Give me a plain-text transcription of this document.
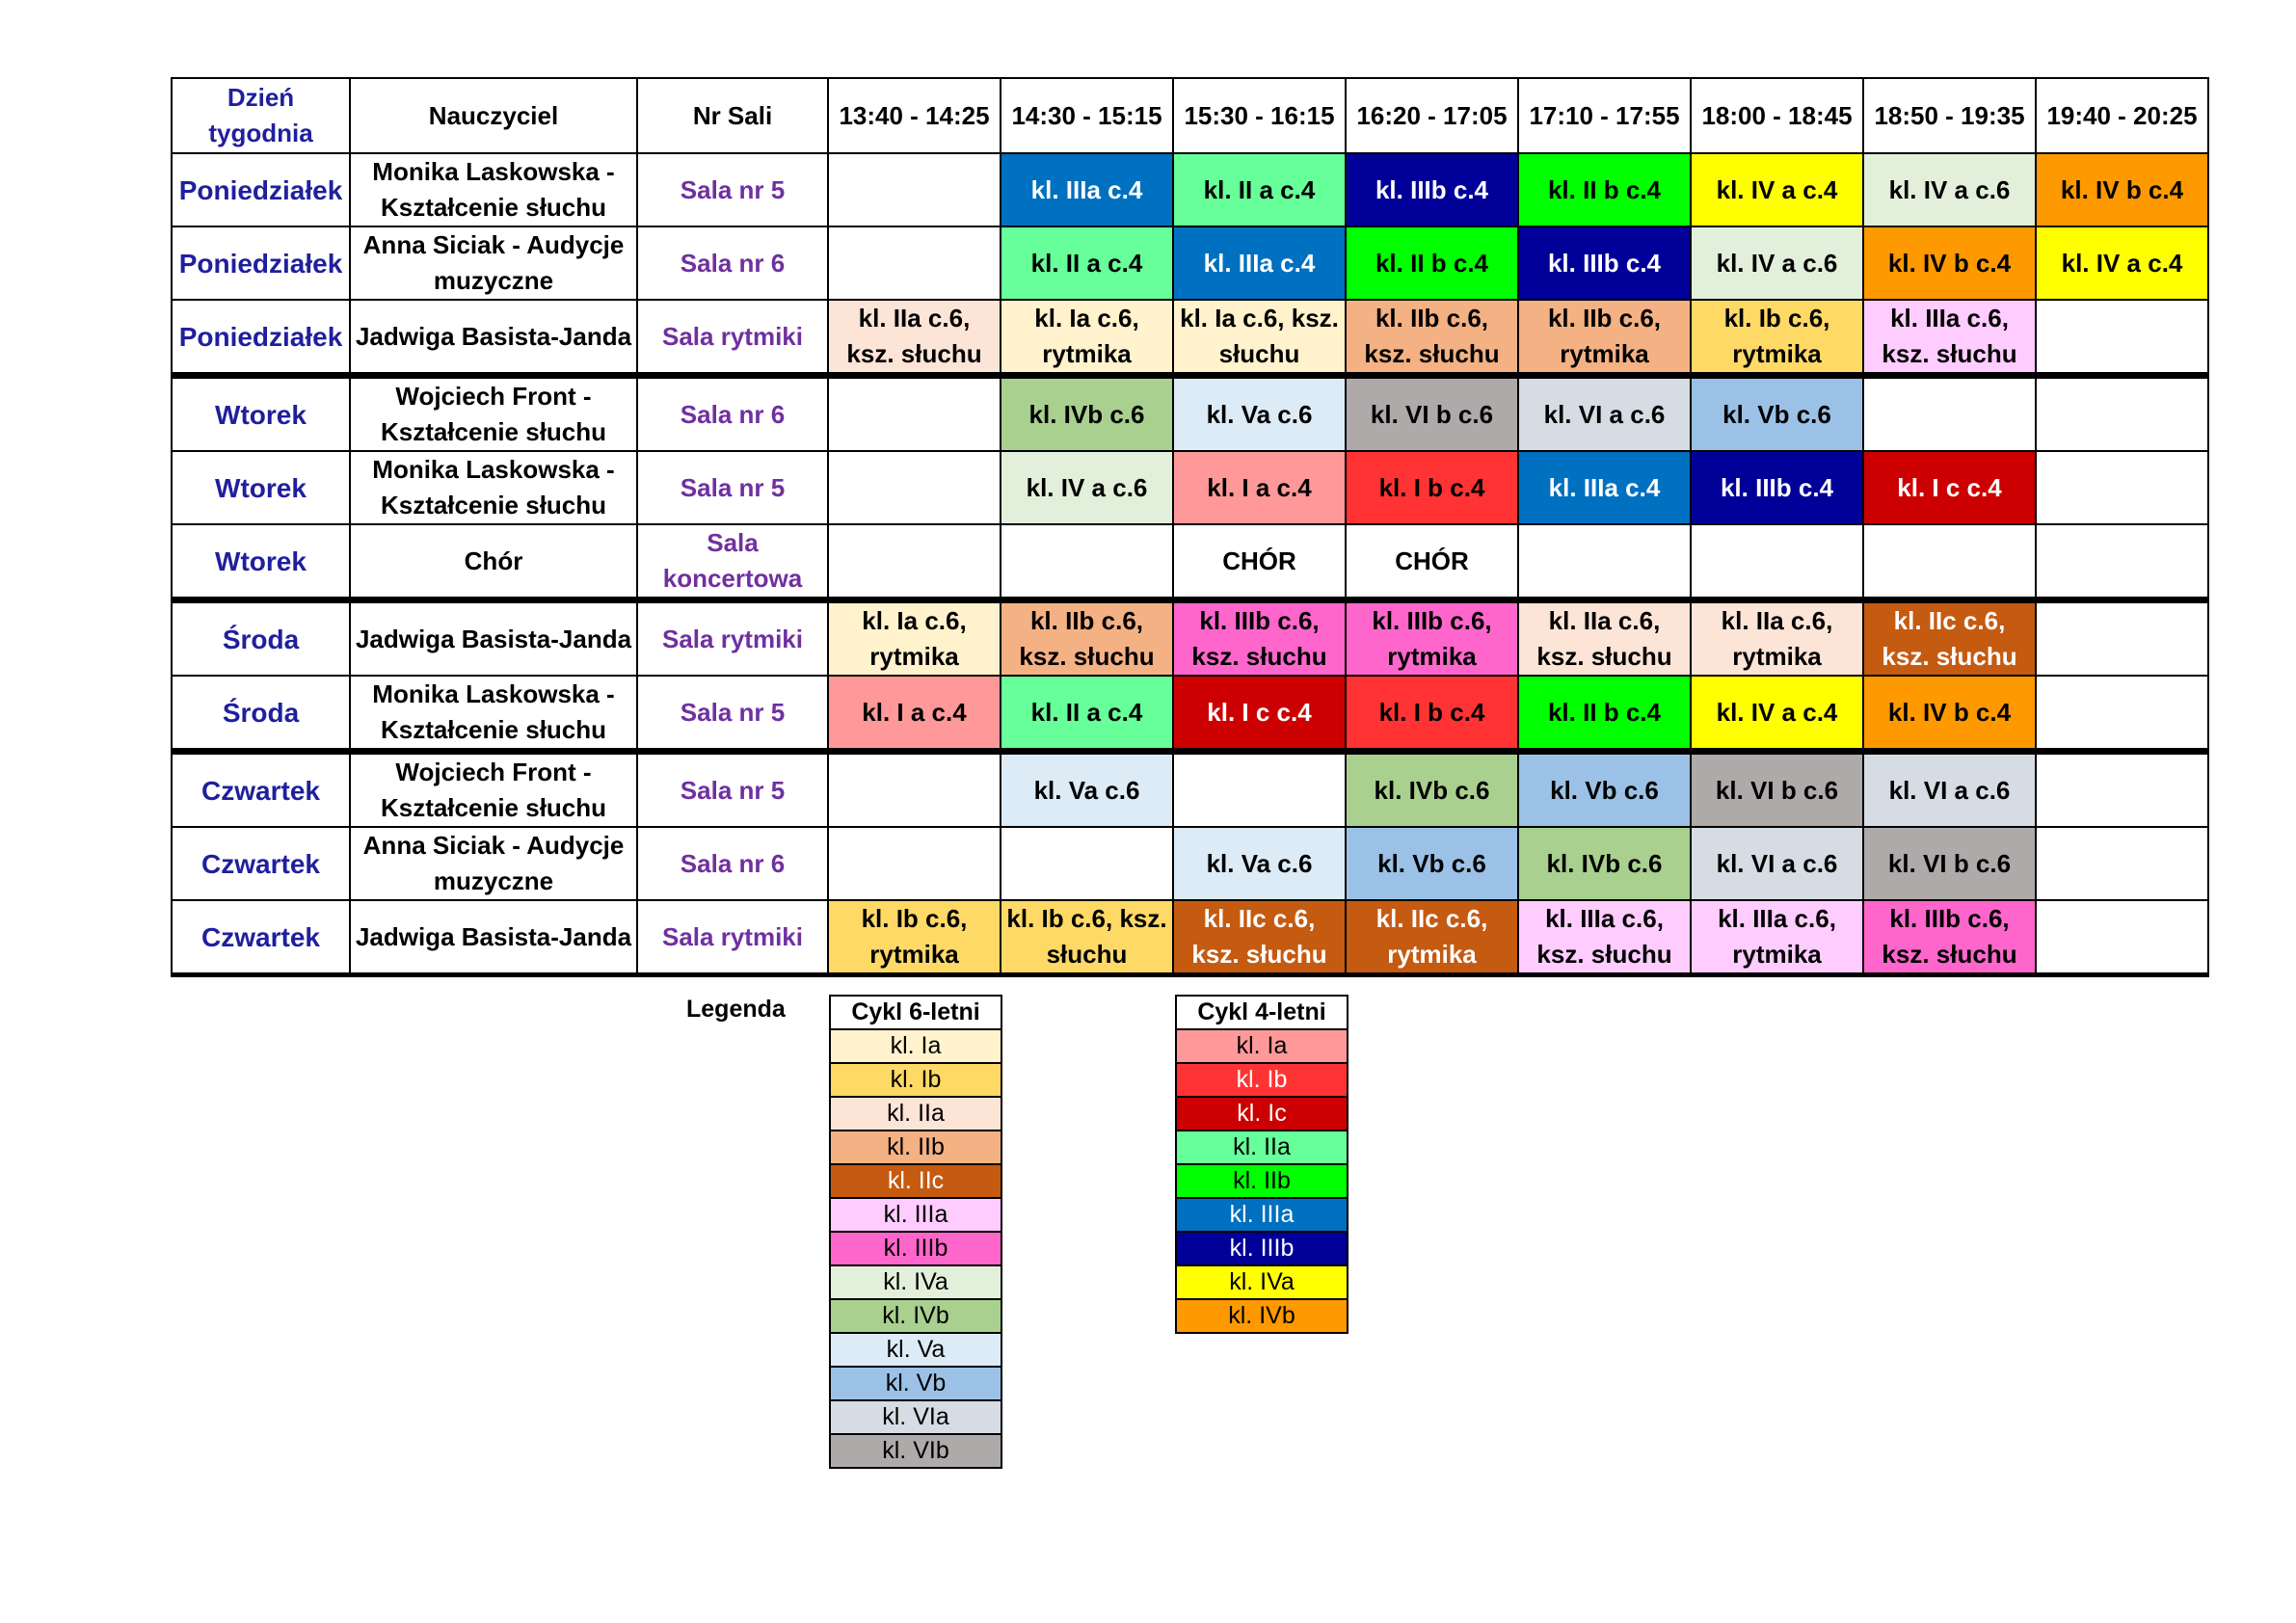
Dzień tygodnia	Nauczyciel	Nr Sali	13:40 - 14:25	14:30 - 15:15	15:30 - 16:15	16:20 - 17:05	17:10 - 17:55	18:00 - 18:45	18:50 - 19:35	19:40 - 20:25
Poniedziałek	Monika Laskowska - Kształcenie słuchu	Sala nr 5		kl. IIIa c.4	kl. II a c.4	kl. IIIb c.4	kl. II b c.4	kl. IV a c.4	kl. IV a c.6	kl. IV b c.4
Poniedziałek	Anna Siciak - Audycje muzyczne	Sala nr 6		kl. II a c.4	kl. IIIa c.4	kl. II b c.4	kl. IIIb c.4	kl. IV a c.6	kl. IV b c.4	kl. IV a c.4
Poniedziałek	Jadwiga Basista-Janda	Sala rytmiki	kl. IIa c.6, ksz. słuchu	kl. Ia c.6, rytmika	kl. Ia c.6, ksz. słuchu	kl. IIb c.6, ksz. słuchu	kl. IIb c.6, rytmika	kl. Ib c.6, rytmika	kl. IIIa c.6, ksz. słuchu	
Wtorek	Wojciech Front - Kształcenie słuchu	Sala nr 6		kl. IVb c.6	kl. Va c.6	kl. VI b c.6	kl. VI a c.6	kl. Vb c.6		
Wtorek	Monika Laskowska - Kształcenie słuchu	Sala nr 5		kl. IV a c.6	kl. I a c.4	kl. I b c.4	kl. IIIa c.4	kl. IIIb c.4	kl. I c c.4	
Wtorek	Chór	Sala koncertowa			CHÓR	CHÓR				
Środa	Jadwiga Basista-Janda	Sala rytmiki	kl. Ia c.6, rytmika	kl. IIb c.6, ksz. słuchu	kl. IIIb c.6, ksz. słuchu	kl. IIIb c.6, rytmika	kl. IIa c.6, ksz. słuchu	kl. IIa c.6, rytmika	kl. IIc c.6, ksz. słuchu	
Środa	Monika Laskowska - Kształcenie słuchu	Sala nr 5	kl. I a c.4	kl. II a c.4	kl. I c c.4	kl. I b c.4	kl. II b c.4	kl. IV a c.4	kl. IV b c.4	
Czwartek	Wojciech Front - Kształcenie słuchu	Sala nr 5		kl. Va c.6		kl. IVb c.6	kl. Vb c.6	kl. VI b c.6	kl. VI a c.6	
Czwartek	Anna Siciak - Audycje muzyczne	Sala nr 6			kl. Va c.6	kl. Vb c.6	kl. IVb c.6	kl. VI a c.6	kl. VI b c.6	
Czwartek	Jadwiga Basista-Janda	Sala rytmiki	kl. Ib c.6, rytmika	kl. Ib c.6, ksz. słuchu	kl. IIc c.6, ksz. słuchu	kl. IIc c.6, rytmika	kl. IIIa c.6, ksz. słuchu	kl. IIIa c.6, rytmika	kl. IIIb c.6, ksz. słuchu	
Legenda	Cykl 6-letni
kl. Ia
kl. Ib
kl. IIa
kl. IIb
kl. IIc
kl. IIIa
kl. IIIb
kl. IVa
kl. IVb
kl. Va
kl. Vb
kl. VIa
kl. VIb
Cykl 4-letni
kl. Ia
kl. Ib
kl. Ic
kl. IIa
kl. IIb
kl. IIIa
kl. IIIb
kl. IVa
kl. IVb
